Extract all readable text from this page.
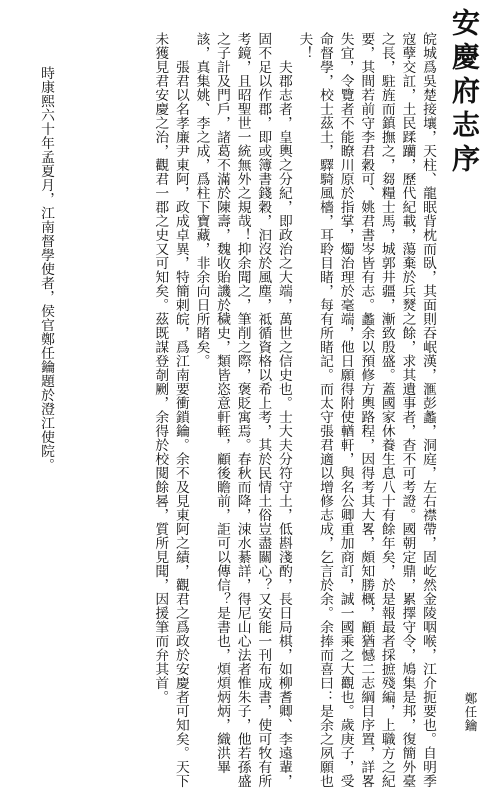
安慶府志序

皖城爲吳楚接壤，天柱、龍眠背枕而臥，其面則吞岷漢，滙彭蠡，洞庭，左右襟帶，固屹然金陵咽喉，江介扼要也。自明季寇孽交訌，土民蹂躪，歷代紀載，蕩棄於兵燹之餘，求其遺事者，杳不可考證。國朝定鼎，累擇守令，鳩集是邦，復簡外臺之長，駐旌而鎮撫之，芻糧士馬，城郭井疆，漸致殷盛。蓋國家休養生息八十有餘年矣，於是報最者採摭殘編，上職方之紀要，其間若前守李君穀可、姚君書岑皆有志。蠡余以預修方輿路程，因得考其大畧，頗知勝概，顧猶憾二志綱目序置，詳畧失宜，令覽者不能瞭川原於指掌，燭治理於毫端，他日願得附使輶軒，與名公卿重加商訂，誠一國乘之大觀也。歲庚子，受命督學，校士茲土，驛騎風檣，耳聆目睹，每有所睹記。而太守張君適以增修志成，乞言於余。余捧而喜曰：是余之夙願也夫！

夫郡志者，皇輿之分紀，即政治之大端，萬世之信史也。士大夫分符守土，低斟淺酌，長日局棋，如柳耆卿、李遠輩，固不足以作郡，即或簿書錢穀，汩沒於風塵，祗循資格以希上考，其於民情土俗豈盡關心？又安能一刊布成書，使可牧有所考鏡，且昭聖世一統無外之規哉！抑余聞之，筆削之際，褒貶寓焉。春秋而降，涑水綦詳，得尼山心法者惟朱子，他若孫盛之子計及門戶，諸葛不滿於陳壽，魏收貽譏於穢史，類皆恣意軒輊，顧後瞻前，詎可以傳信？是書也，煩煩炳炳，織洪畢該，真集姚、李之成，爲柱下寶藏，非余向日所睹矣。

張君以名孝廉尹東阿，政成卓異，特簡剌皖，爲江南要衝鎖鑰。余不及見東阿之績，觀君之爲政於安慶者可知矣。天下未獲見君安慶之治，觀君一郡之史又可知矣。茲既謀登剞劂，余得於校閱餘晷，質所見聞，因援筆而弁其首。

時康熙六十年孟夏月，江南督學使者，侯官鄭任鑰題於澄江使院。
鄭任鑰
